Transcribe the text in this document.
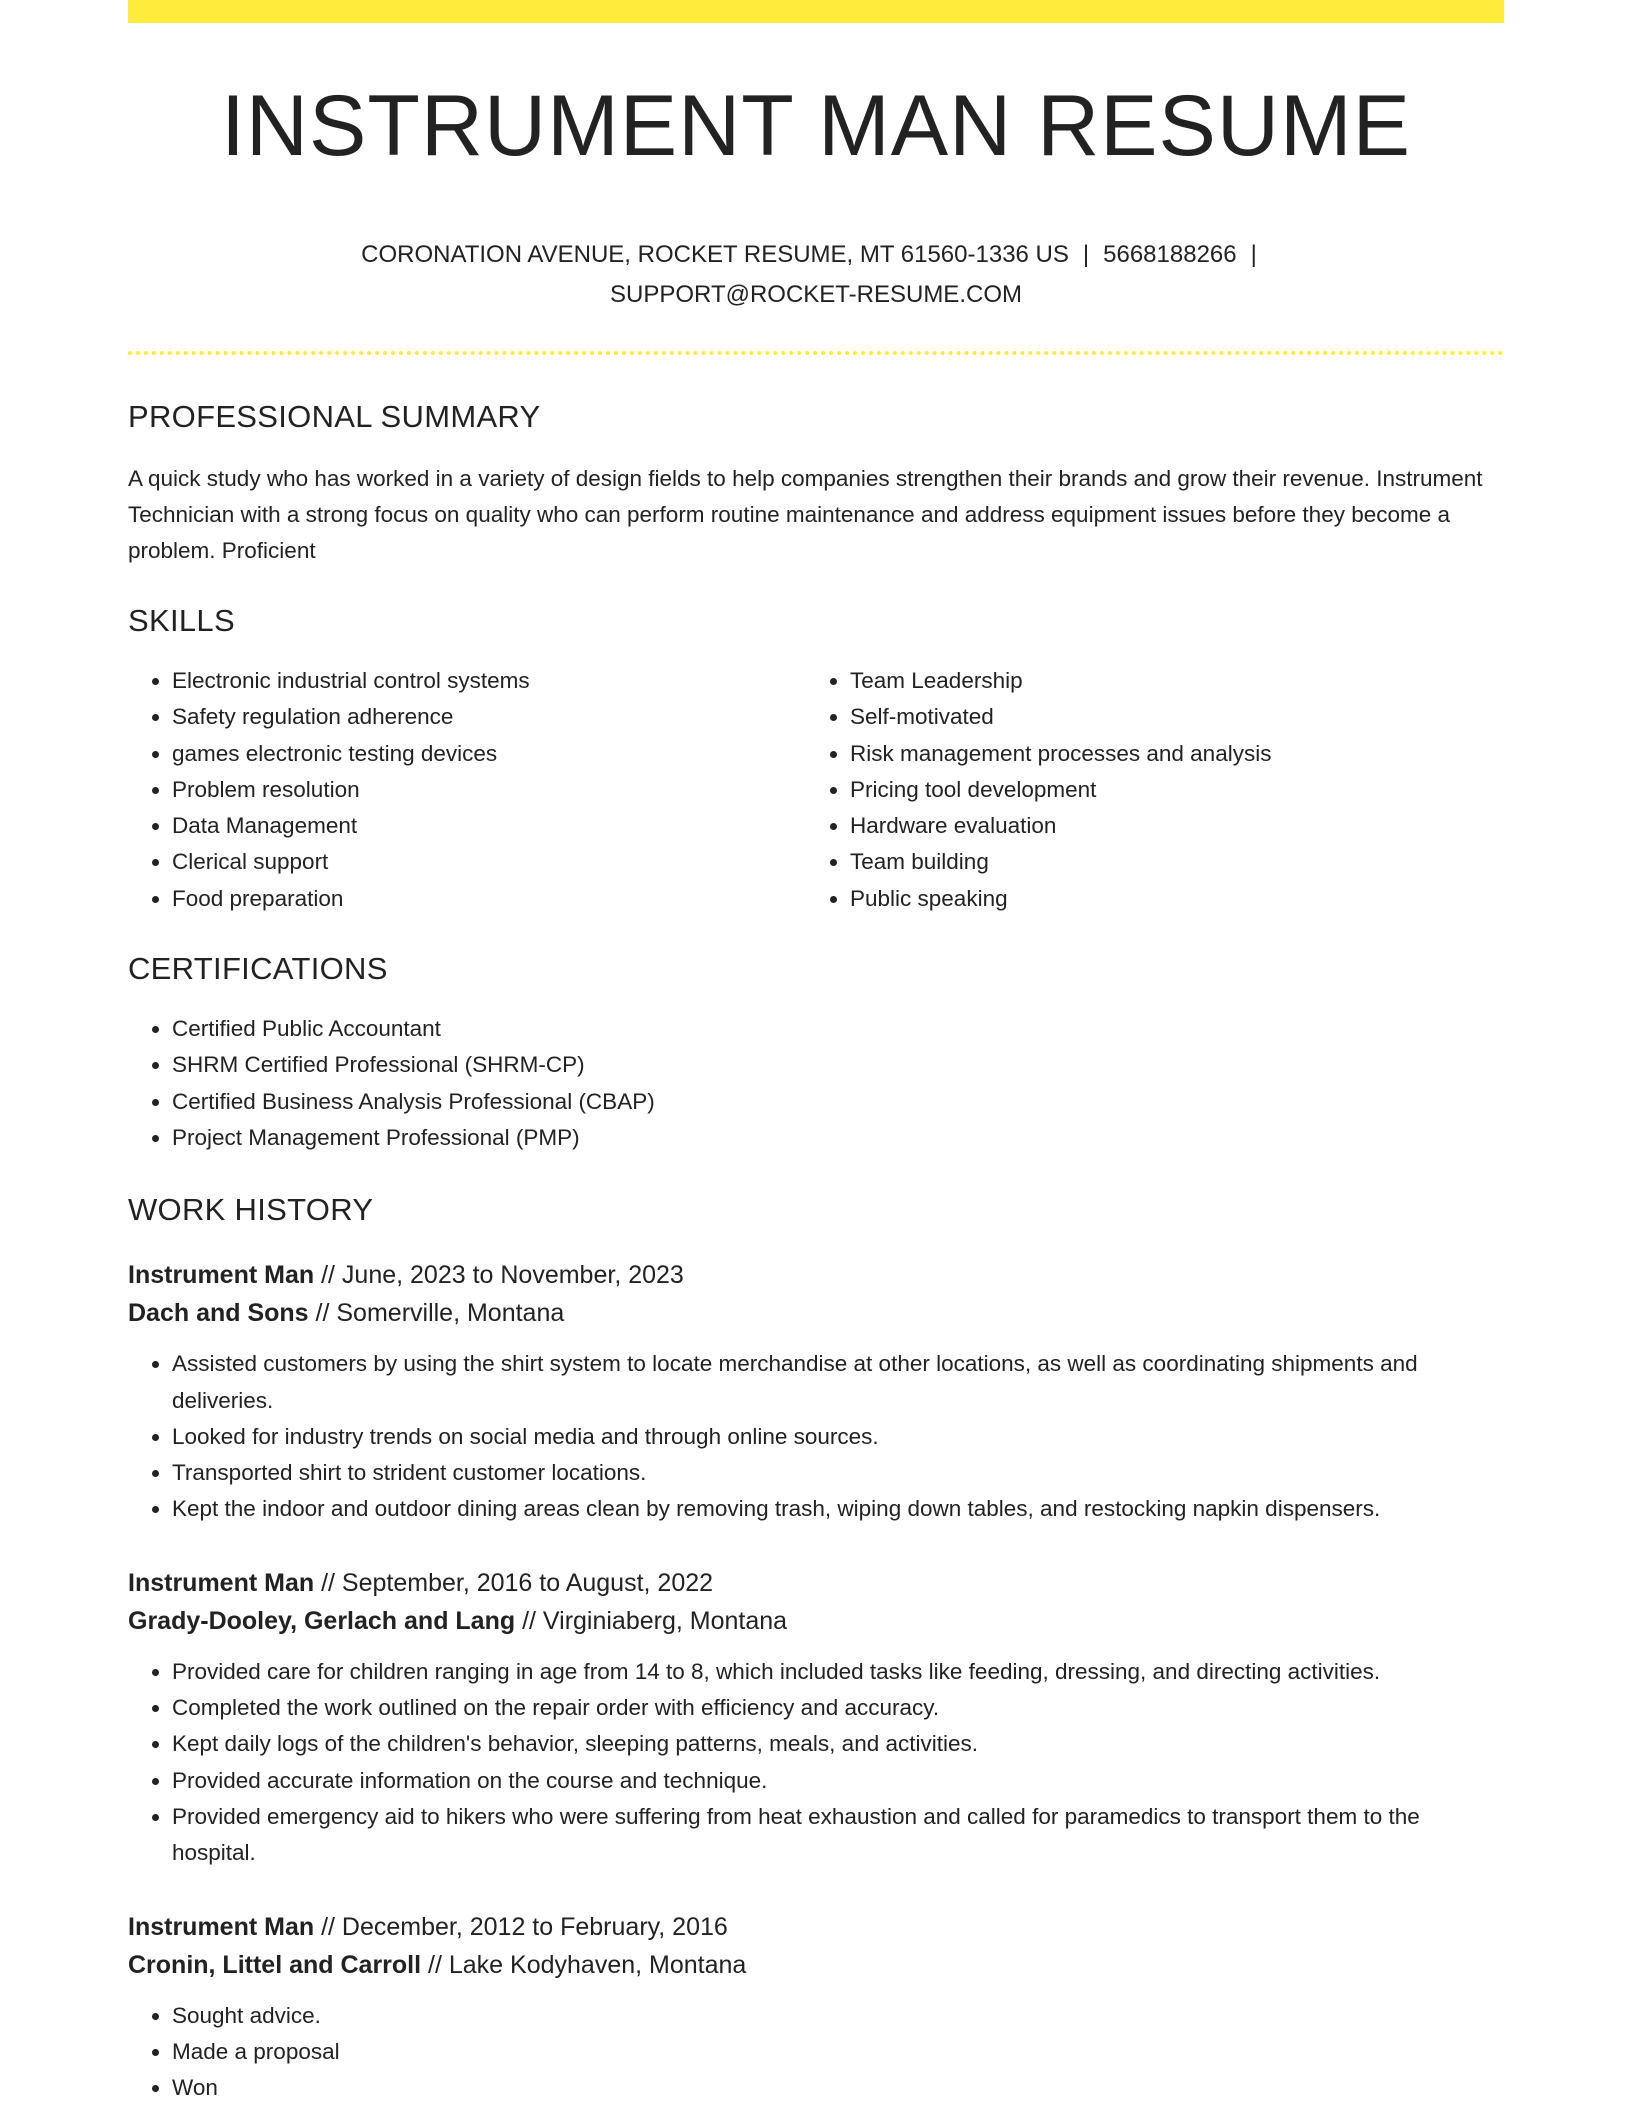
INSTRUMENT MAN RESUME
CORONATION AVENUE, ROCKET RESUME, MT 61560-1336 US | 5668188266 |
SUPPORT@ROCKET-RESUME.COM
PROFESSIONAL SUMMARY
A quick study who has worked in a variety of design fields to help companies strengthen their brands and grow their revenue. Instrument Technician with a strong focus on quality who can perform routine maintenance and address equipment issues before they become a problem. Proficient
SKILLS
• Electronic industrial control systems
• Safety regulation adherence
• games electronic testing devices
• Problem resolution
• Data Management
• Clerical support
• Food preparation
• Team Leadership
• Self-motivated
• Risk management processes and analysis
• Pricing tool development
• Hardware evaluation
• Team building
• Public speaking
CERTIFICATIONS
• Certified Public Accountant
• SHRM Certified Professional (SHRM-CP)
• Certified Business Analysis Professional (CBAP)
• Project Management Professional (PMP)
WORK HISTORY
Instrument Man // June, 2023 to November, 2023
Dach and Sons // Somerville, Montana
• Assisted customers by using the shirt system to locate merchandise at other locations, as well as coordinating shipments and deliveries.
• Looked for industry trends on social media and through online sources.
• Transported shirt to strident customer locations.
• Kept the indoor and outdoor dining areas clean by removing trash, wiping down tables, and restocking napkin dispensers.
Instrument Man // September, 2016 to August, 2022
Grady-Dooley, Gerlach and Lang // Virginiaberg, Montana
• Provided care for children ranging in age from 14 to 8, which included tasks like feeding, dressing, and directing activities.
• Completed the work outlined on the repair order with efficiency and accuracy.
• Kept daily logs of the children's behavior, sleeping patterns, meals, and activities.
• Provided accurate information on the course and technique.
• Provided emergency aid to hikers who were suffering from heat exhaustion and called for paramedics to transport them to the hospital.
Instrument Man // December, 2012 to February, 2016
Cronin, Littel and Carroll // Lake Kodyhaven, Montana
• Sought advice.
• Made a proposal
• Won
